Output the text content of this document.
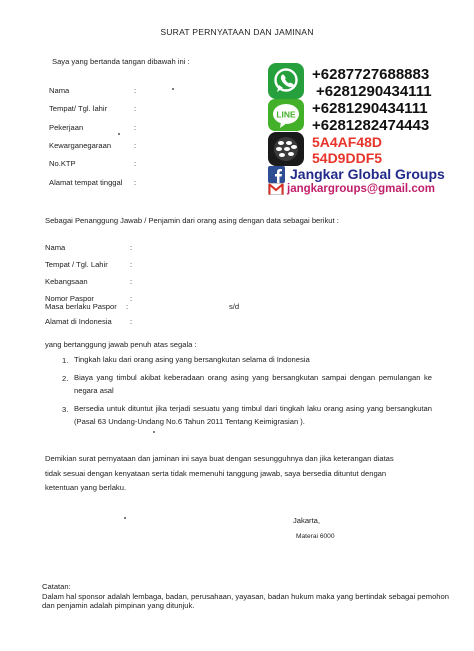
SURAT PERNYATAAN DAN JAMINAN
Saya yang bertanda tangan dibawah ini :
Nama	:
Tempat/ Tgl. lahir	:
Pekerjaan	:
Kewarganegaraan	:
No.KTP	:
Alamat tempat tinggal :
Sebagai Penanggung Jawab / Penjamin dari orang asing dengan data sebagai berikut :
Nama	:
Tempat / Tgl. Lahir	:
Kebangsaan	:
Nomor Paspor	:
Masa berlaku Paspor :	s/d
Alamat di Indonesia :
yang bertanggung jawab penuh atas segala :
1. Tingkah laku dari orang asing yang bersangkutan selama di Indonesia
2. Biaya yang timbul akibat keberadaan orang asing yang bersangkutan sampai dengan pemulangan ke negara asal
3. Bersedia untuk dituntut jika terjadi sesuatu yang timbul dari tingkah laku orang asing yang bersangkutan (Pasal 63 Undang-Undang No.6 Tahun 2011 Tentang Keimigrasian ).
Demikian surat pernyataan dan jaminan ini saya buat dengan sesungguhnya dan jika keterangan diatas
tidak sesuai dengan kenyataan serta tidak memenuhi tanggung jawab, saya bersedia dituntut dengan
ketentuan yang berlaku.
Jakarta,
Materai 6000
Catatan:
Dalam hal sponsor adalah lembaga, badan, perusahaan, yayasan, badan hukum maka yang bertindak sebagai pemohon
dan penjamin adalah pimpinan yang ditunjuk.
LINE
+6287727688883
+6281290434111
+6281290434111
+6281282474443
5A4AF48D
54D9DDF5
Jangkar Global Groups
jangkargroups@gmail.com
